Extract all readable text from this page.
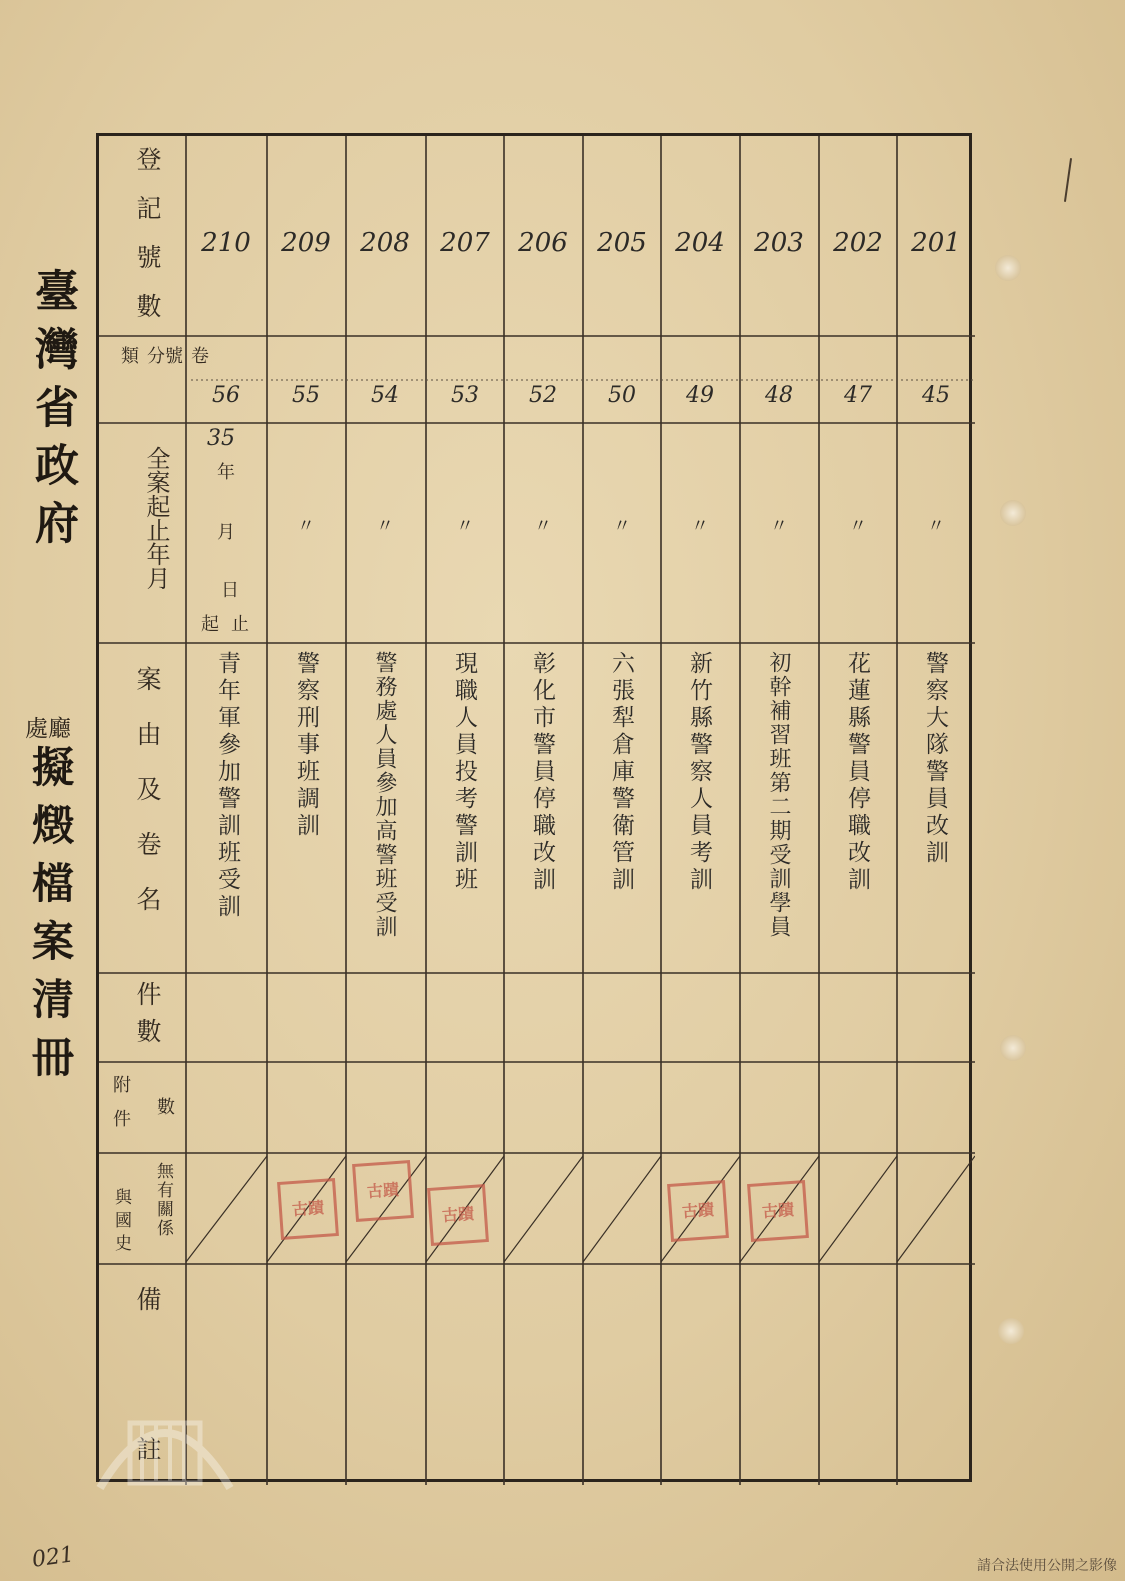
臺灣省政府
處廳
擬燬檔案清冊
登記號數
分類	卷號
全案起止年月
案由及卷名
件數
附件 數
與國史 無有關係
備
註
35
年
月
日
起止
210
56
青年軍參加警訓班受訓
209
55
〃
警察刑事班調訓
古蹟
208
54
〃
警務處人員參加高警班受訓
古蹟
207
53
〃
現職人員投考警訓班
古蹟
206
52
〃
彰化市警員停職改訓
205
50
〃
六張犁倉庫警衛管訓
204
49
〃
新竹縣警察人員考訓
古蹟
203
48
〃
初幹補習班第二期受訓學員
古蹟
202
47
〃
花蓮縣警員停職改訓
201
45
〃
警察大隊警員改訓
021	請合法使用公開之影像
